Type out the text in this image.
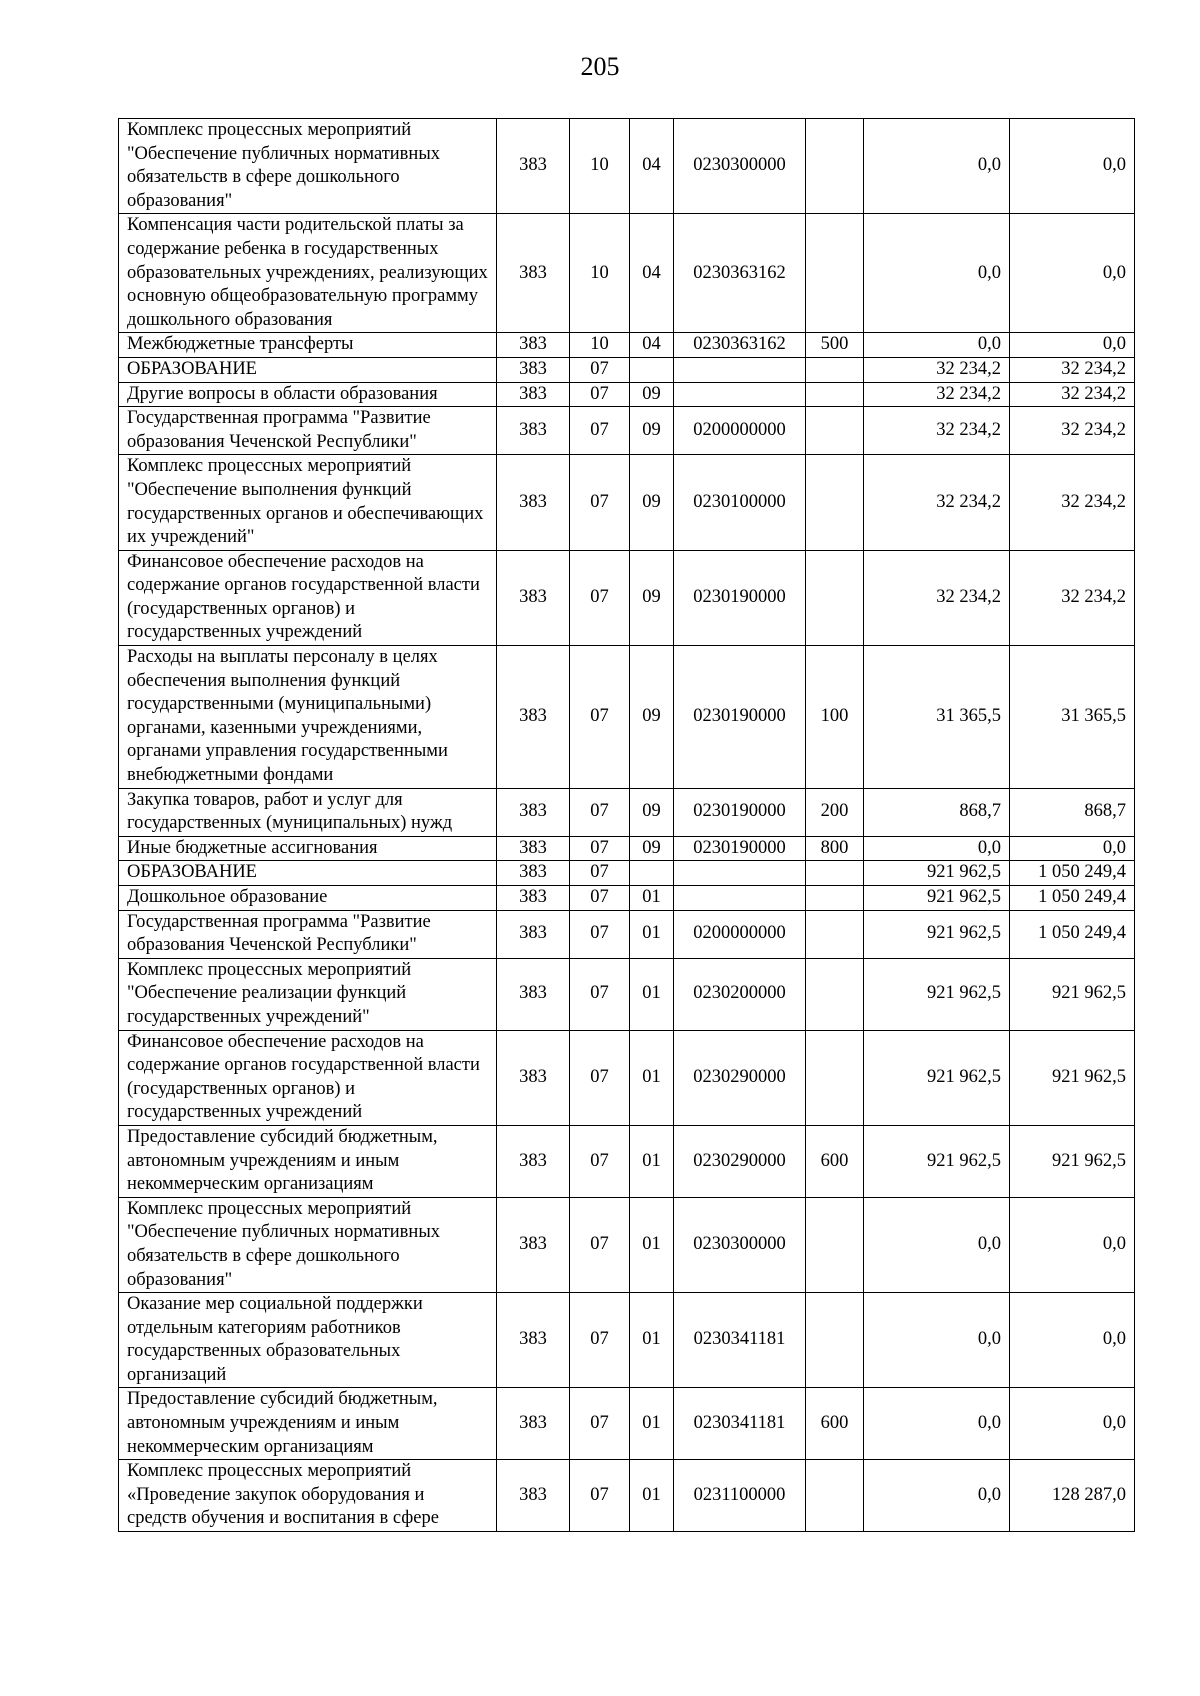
205
Комплекс процессных мероприятий "Обеспечение публичных нормативных обязательств в сфере дошкольного образования"	383	10	04	0230300000		0,0	0,0
Компенсация части родительской платы за содержание ребенка в государственных образовательных учреждениях, реализующих основную общеобразовательную программу дошкольного образования	383	10	04	0230363162		0,0	0,0
Межбюджетные трансферты	383	10	04	0230363162	500	0,0	0,0
ОБРАЗОВАНИЕ	383	07				32 234,2	32 234,2
Другие вопросы в области образования	383	07	09			32 234,2	32 234,2
Государственная программа "Развитие образования Чеченской Республики"	383	07	09	0200000000		32 234,2	32 234,2
Комплекс процессных мероприятий "Обеспечение выполнения функций государственных органов и обеспечивающих их учреждений"	383	07	09	0230100000		32 234,2	32 234,2
Финансовое обеспечение расходов на содержание органов государственной власти (государственных органов) и государственных учреждений	383	07	09	0230190000		32 234,2	32 234,2
Расходы на выплаты персоналу в целях обеспечения выполнения функций государственными (муниципальными) органами, казенными учреждениями, органами управления государственными внебюджетными фондами	383	07	09	0230190000	100	31 365,5	31 365,5
Закупка товаров, работ и услуг для государственных (муниципальных) нужд	383	07	09	0230190000	200	868,7	868,7
Иные бюджетные ассигнования	383	07	09	0230190000	800	0,0	0,0
ОБРАЗОВАНИЕ	383	07				921 962,5	1 050 249,4
Дошкольное образование	383	07	01			921 962,5	1 050 249,4
Государственная программа "Развитие образования Чеченской Республики"	383	07	01	0200000000		921 962,5	1 050 249,4
Комплекс процессных мероприятий "Обеспечение реализации функций государственных учреждений"	383	07	01	0230200000		921 962,5	921 962,5
Финансовое обеспечение расходов на содержание органов государственной власти (государственных органов) и государственных учреждений	383	07	01	0230290000		921 962,5	921 962,5
Предоставление субсидий бюджетным, автономным учреждениям и иным некоммерческим организациям	383	07	01	0230290000	600	921 962,5	921 962,5
Комплекс процессных мероприятий "Обеспечение публичных нормативных обязательств в сфере дошкольного образования"	383	07	01	0230300000		0,0	0,0
Оказание мер социальной поддержки отдельным категориям работников государственных образовательных организаций	383	07	01	0230341181		0,0	0,0
Предоставление субсидий бюджетным, автономным учреждениям и иным некоммерческим организациям	383	07	01	0230341181	600	0,0	0,0
Комплекс процессных мероприятий «Проведение закупок оборудования и средств обучения и воспитания в сфере	383	07	01	0231100000		0,0	128 287,0
